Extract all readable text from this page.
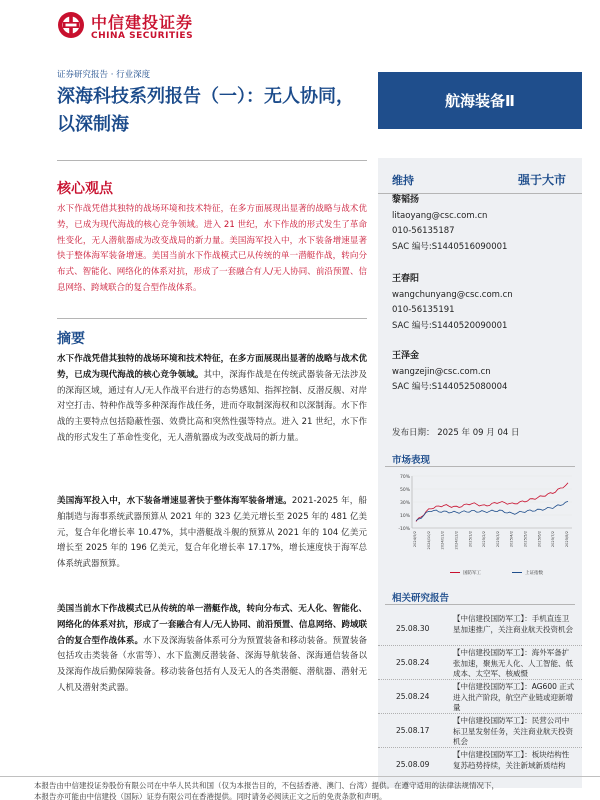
中信建投证券
CHINA SECURITIES
证券研究报告 · 行业深度
深海科技系列报告（一）：无人协同，以深制海
航海装备Ⅱ
维持	强于大市
黎韬扬
litaoyang@csc.com.cn
010-56135187
SAC 编号:S1440516090001
王春阳
wangchunyang@csc.com.cn
010-56135191
SAC 编号:S1440520090001
王泽金
wangzejin@csc.com.cn
SAC 编号:S1440525080004
发布日期： 2025 年 09 月 04 日
市场表现
70%
50%
30%
10%
-10%
2024/9/2	2024/10/2	2024/11/2	2024/12/2	2025/1/2	2025/2/2	2025/3/2	2025/4/2	2025/5/2	2025/6/2	2025/7/2	2025/8/2
国防军工	上证指数
相关研究报告
25.08.30
【中信建投国防军工】：手机直连卫星加速推广，关注商业航天投资机会
25.08.24
【中信建投国防军工】：海外军备扩张加速，聚焦无人化、人工智能、低成本、太空军、核威慑
25.08.24
【中信建投国防军工】：AG600 正式进入批产阶段，航空产业链或迎新增量
25.08.17
【中信建投国防军工】：民营公司中标卫星发射任务，关注商业航天投资机会
25.08.09
【中信建投国防军工】：板块结构性复苏趋势持续，关注新域新质结构
核心观点
水下作战凭借其独特的战场环境和技术特征，在多方面展现出显著的战略与战术优势，已成为现代海战的核心竞争领域。进入 21 世纪，水下作战的形式发生了革命性变化，无人潜航器成为改变战局的新力量。美国海军投入中，水下装备增速显著快于整体海军装备增速。美国当前水下作战模式已从传统的单一潜艇作战，转向分布式、智能化、网络化的体系对抗，形成了一套融合有人/无人协同、前沿预置、信息网络、跨域联合的复合型作战体系。
摘要
水下作战凭借其独特的战场环境和技术特征，在多方面展现出显著的战略与战术优势，已成为现代海战的核心竞争领域。其中，深海作战是在传统武器装备无法涉及的深海区域，通过有人/无人作战平台进行的态势感知、指挥控制、反潜反舰、对岸对空打击、特种作战等多种深海作战任务，进而夺取制深海权和以深制海。水下作战的主要特点包括隐蔽性强、效费比高和突然性强等特点。进入 21 世纪，水下作战的形式发生了革命性变化，无人潜航器成为改变战局的新力量。
美国海军投入中，水下装备增速显著快于整体海军装备增速。2021-2025 年，船舶制造与海事系统武器预算从 2021 年的 323 亿美元增长至 2025 年的 481 亿美元，复合年化增长率 10.47%，其中潜艇战斗舰的预算从 2021 年的 104 亿美元增长至 2025 年的 196 亿美元，复合年化增长率 17.17%，增长速度快于海军总体系统武器预算。
美国当前水下作战模式已从传统的单一潜艇作战，转向分布式、无人化、智能化、网络化的体系对抗，形成了一套融合有人/无人协同、前沿预置、信息网络、跨域联合的复合型作战体系。水下及深海装备体系可分为预置装备和移动装备。预置装备包括攻击类装备（水雷等）、水下监测反潜装备、深海导航装备、深海通信装备以及深海作战后勤保障装备。移动装备包括有人及无人的各类潜艇、潜航器、潜射无人机及潜射类武器。
本报告由中信建投证券股份有限公司在中华人民共和国（仅为本报告目的，不包括香港、澳门、台湾）提供。在遵守适用的法律法规情况下，
本报告亦可能由中信建投（国际）证券有限公司在香港提供。同时请务必阅读正文之后的免责条款和声明。
